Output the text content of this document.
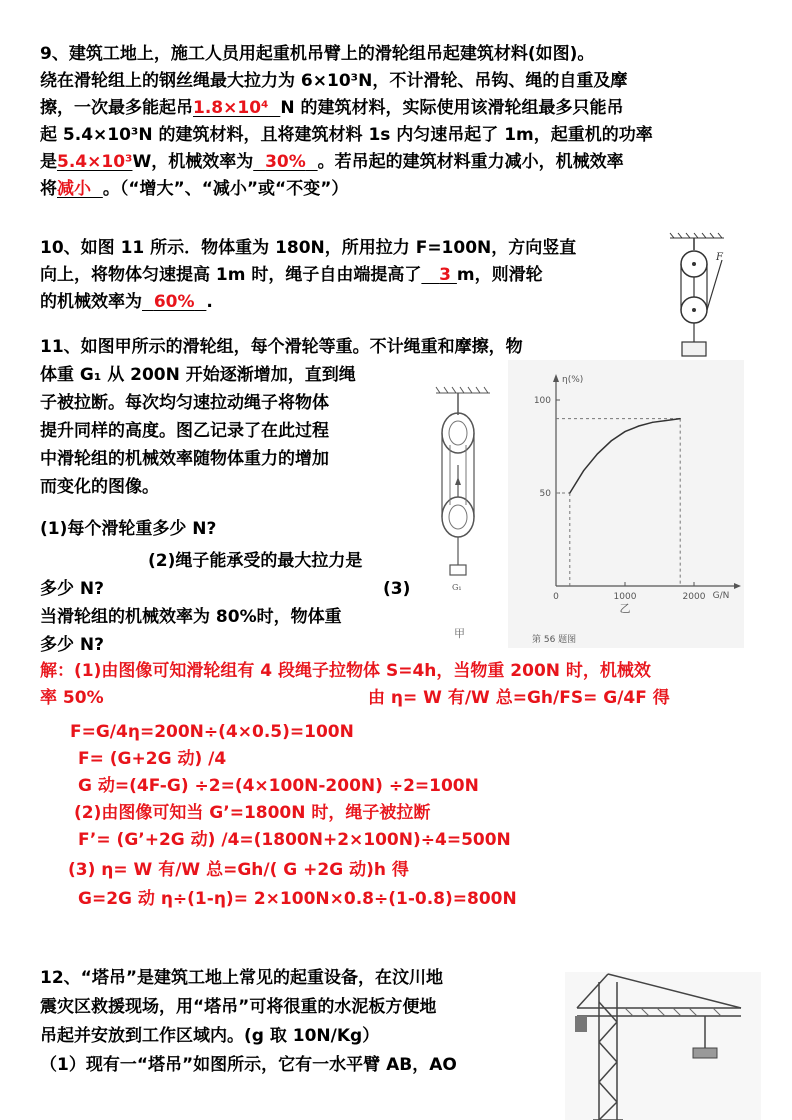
9、建筑工地上，施工人员用起重机吊臂上的滑轮组吊起建筑材料(如图)。
绕在滑轮组上的钢丝绳最大拉力为 6×10³N，不计滑轮、吊钩、绳的自重及摩
擦，一次最多能起吊1.8×10⁴ N 的建筑材料，实际使用该滑轮组最多只能吊
起 5.4×10³N 的建筑材料，且将建筑材料 1s 内匀速吊起了 1m，起重机的功率
是5.4×10³W，机械效率为 30% 。若吊起的建筑材料重力减小，机械效率
将减小 。（“增大”、“减小”或“不变”）
10、如图 11 所示．物体重为 180N，所用拉力 F=100N，方向竖直
向上，将物体匀速提高 1m 时，绳子自由端提高了 3 m，则滑轮
的机械效率为 60% .
F
11、如图甲所示的滑轮组，每个滑轮等重。不计绳重和摩擦，物
体重 G₁ 从 200N 开始逐渐增加，直到绳
子被拉断。每次均匀速拉动绳子将物体
提升同样的高度。图乙记录了在此过程
中滑轮组的机械效率随物体重力的增加
而变化的图像。
(1)每个滑轮重多少 N?
(2)绳子能承受的最大拉力是
多少 N?	(3)
当滑轮组的机械效率为 80%时，物体重
多少 N?
G₁
甲
η(%)
G/N
0	1000	2000
50
100
乙
第 56 题图
解：(1)由图像可知滑轮组有 4 段绳子拉物体 S=4h，当物重 200N 时，机械效
率 50%	由 η= W 有/W 总=Gh/FS= G/4F 得
F=G/4η=200N÷(4×0.5)=100N
F= (G+2G 动) /4
G 动=(4F-G) ÷2=(4×100N-200N) ÷2=100N
(2)由图像可知当 G’=1800N 时，绳子被拉断
F’= (G’+2G 动) /4=(1800N+2×100N)÷4=500N
(3) η= W 有/W 总=Gh/( G +2G 动)h 得
G=2G 动 η÷(1-η)= 2×100N×0.8÷(1-0.8)=800N
12、“塔吊”是建筑工地上常见的起重设备，在汶川地
震灾区救援现场，用“塔吊”可将很重的水泥板方便地
吊起并安放到工作区域内。(g 取 10N/Kg）
（1）现有一“塔吊”如图所示，它有一水平臂 AB，AO
